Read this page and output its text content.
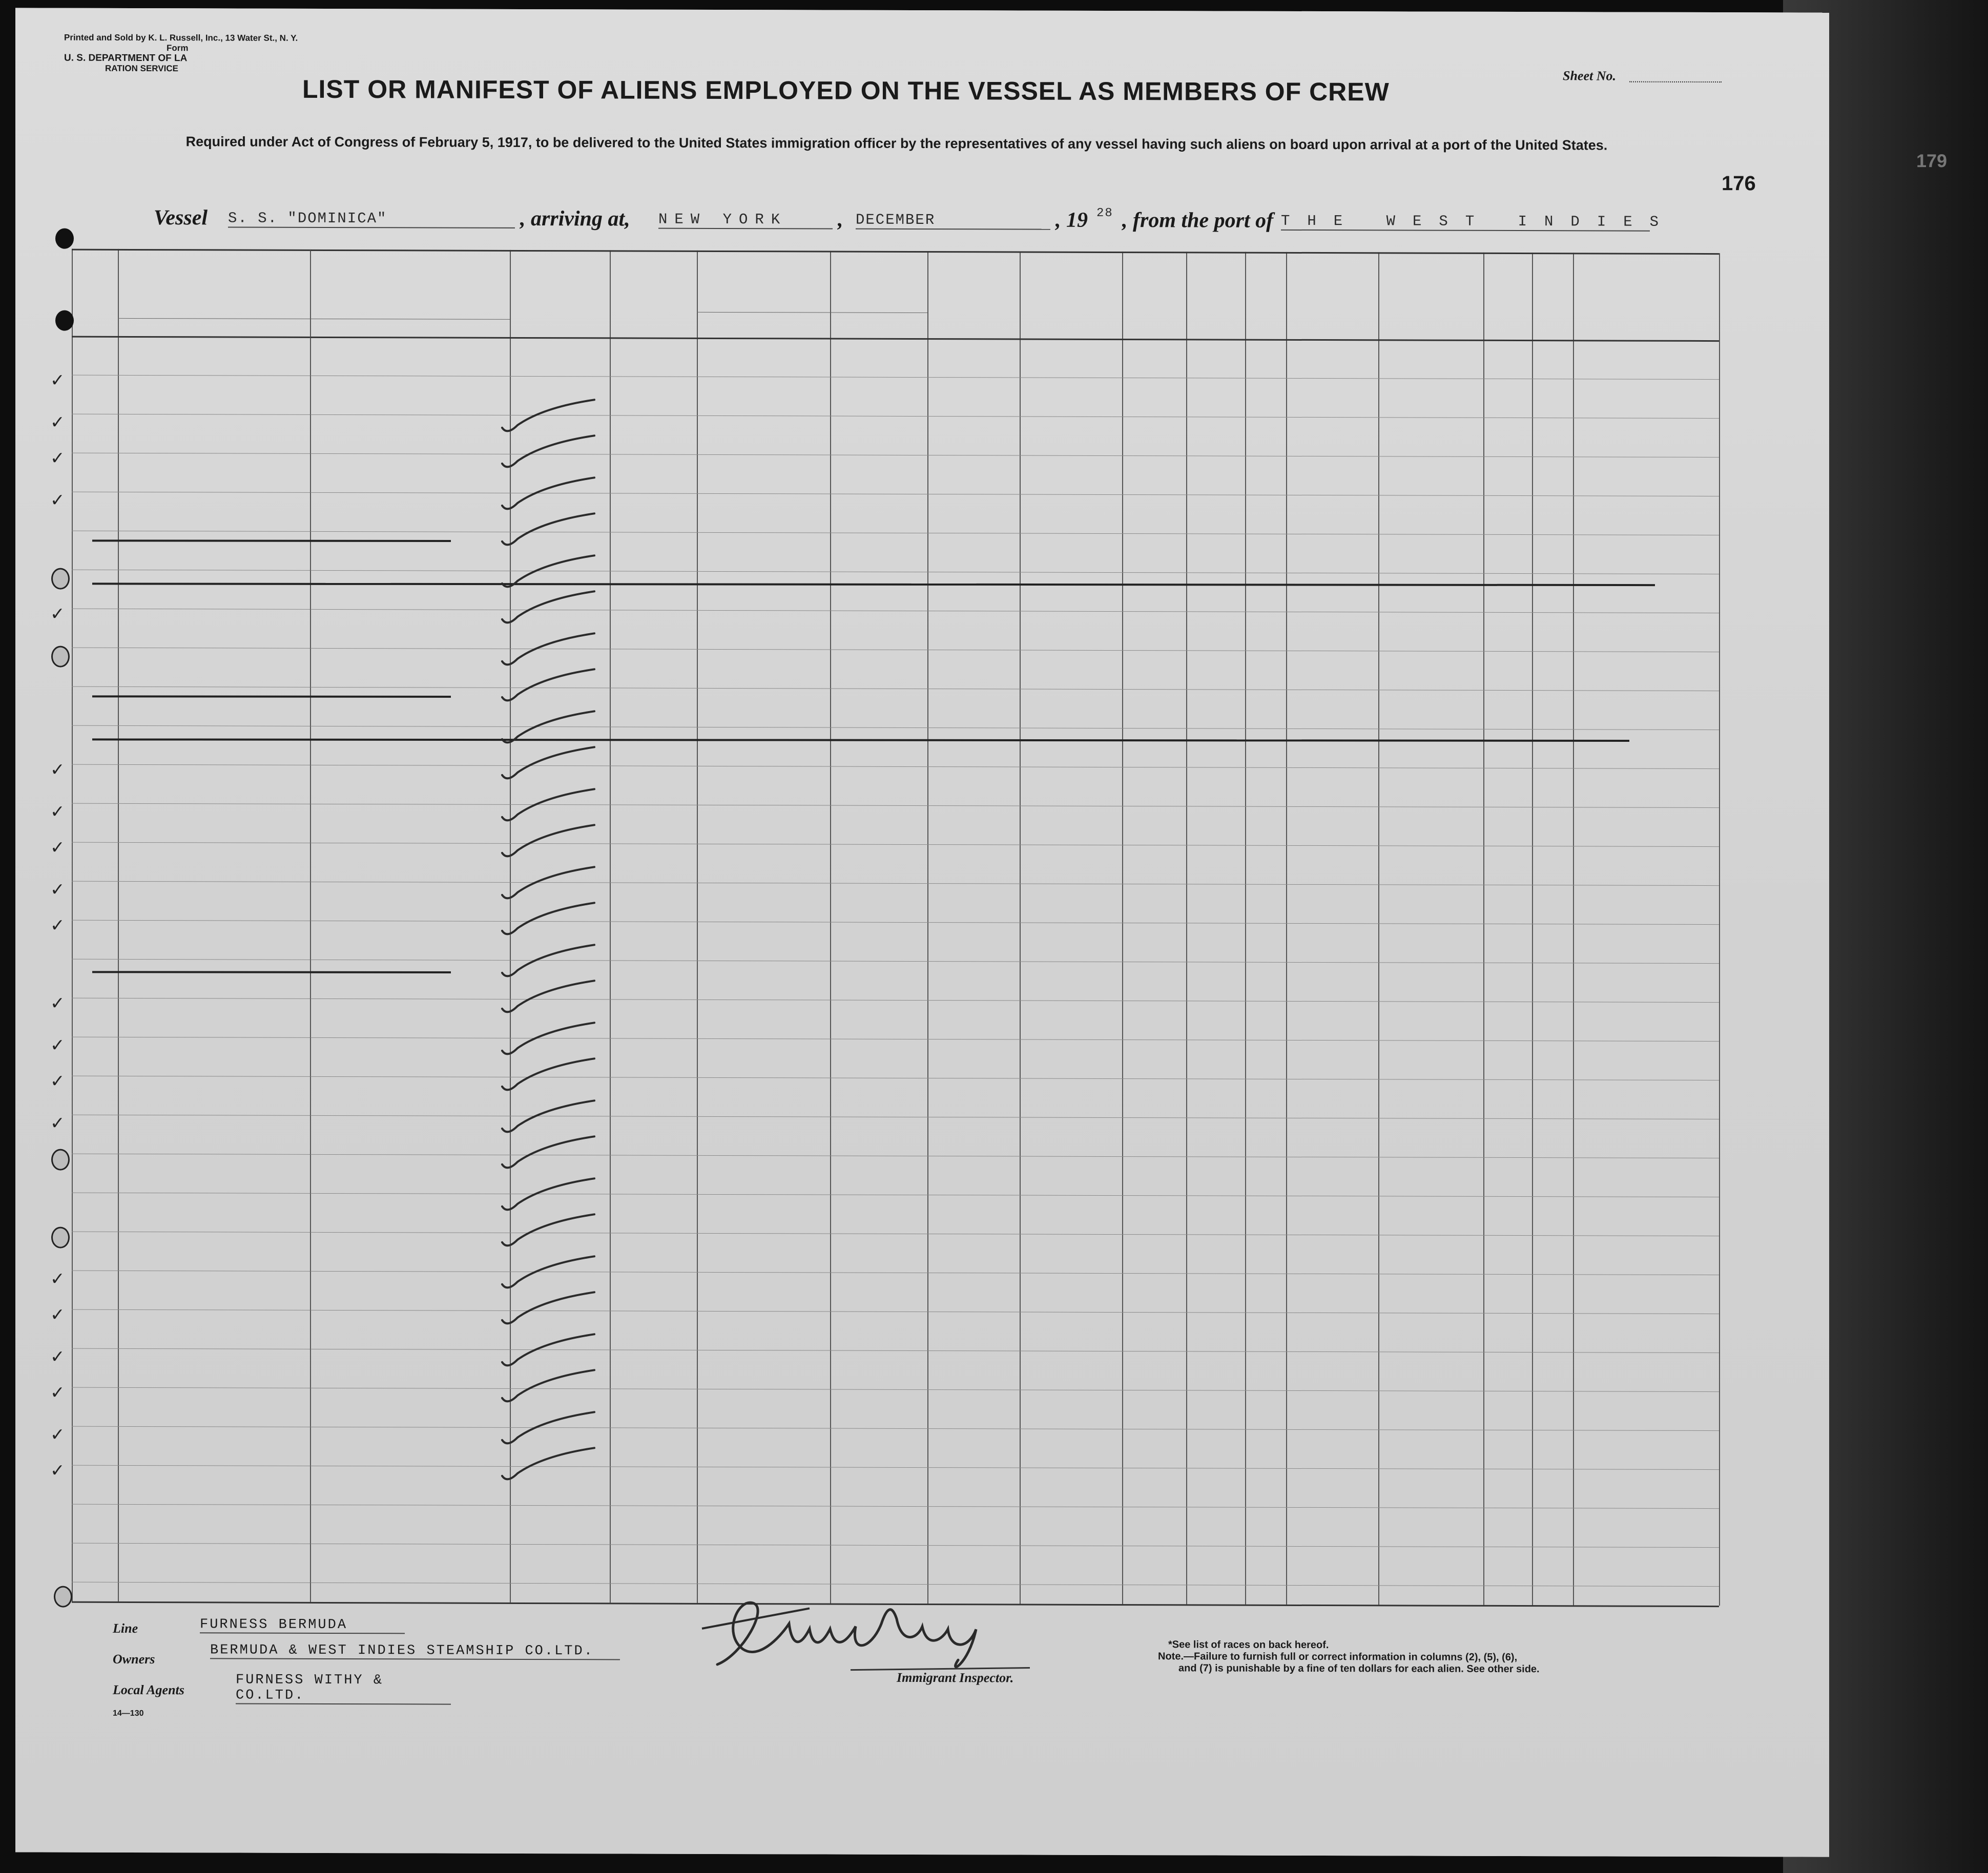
Printed and Sold by K. L. Russell, Inc., 13 Water St., N. Y.
Form
U. S. DEPARTMENT OF LA
RATION SERVICE	Sheet No.
176
179
LIST OR MANIFEST OF ALIENS EMPLOYED ON THE VESSEL AS MEMBERS OF CREW
Required under Act of Congress of February 5, 1917, to be delivered to the United States immigration officer by the representatives of any vessel having such aliens on board upon arrival at a port of the United States.
Vessel S. S. "DOMINICA"	, arriving at, NEW YORK	, DECEMBER	, 19 28 , from the port of THE WEST INDIES
✓
✓
✓
✓
✓
✓
✓
✓
✓
✓
✓
✓
✓
✓
✓
✓
✓
✓
✓
✓
Line	FURNESS BERMUDA
Owners
BERMUDA & WEST INDIES STEAMSHIP CO.LTD.
Local Agents
FURNESS WITHY & CO.LTD.
Immigrant Inspector.
*See list of races on back hereof.
Note.—Failure to furnish full or correct information in columns (2), (5), (6),
and (7) is punishable by a fine of ten dollars for each alien. See other side.
14—130
